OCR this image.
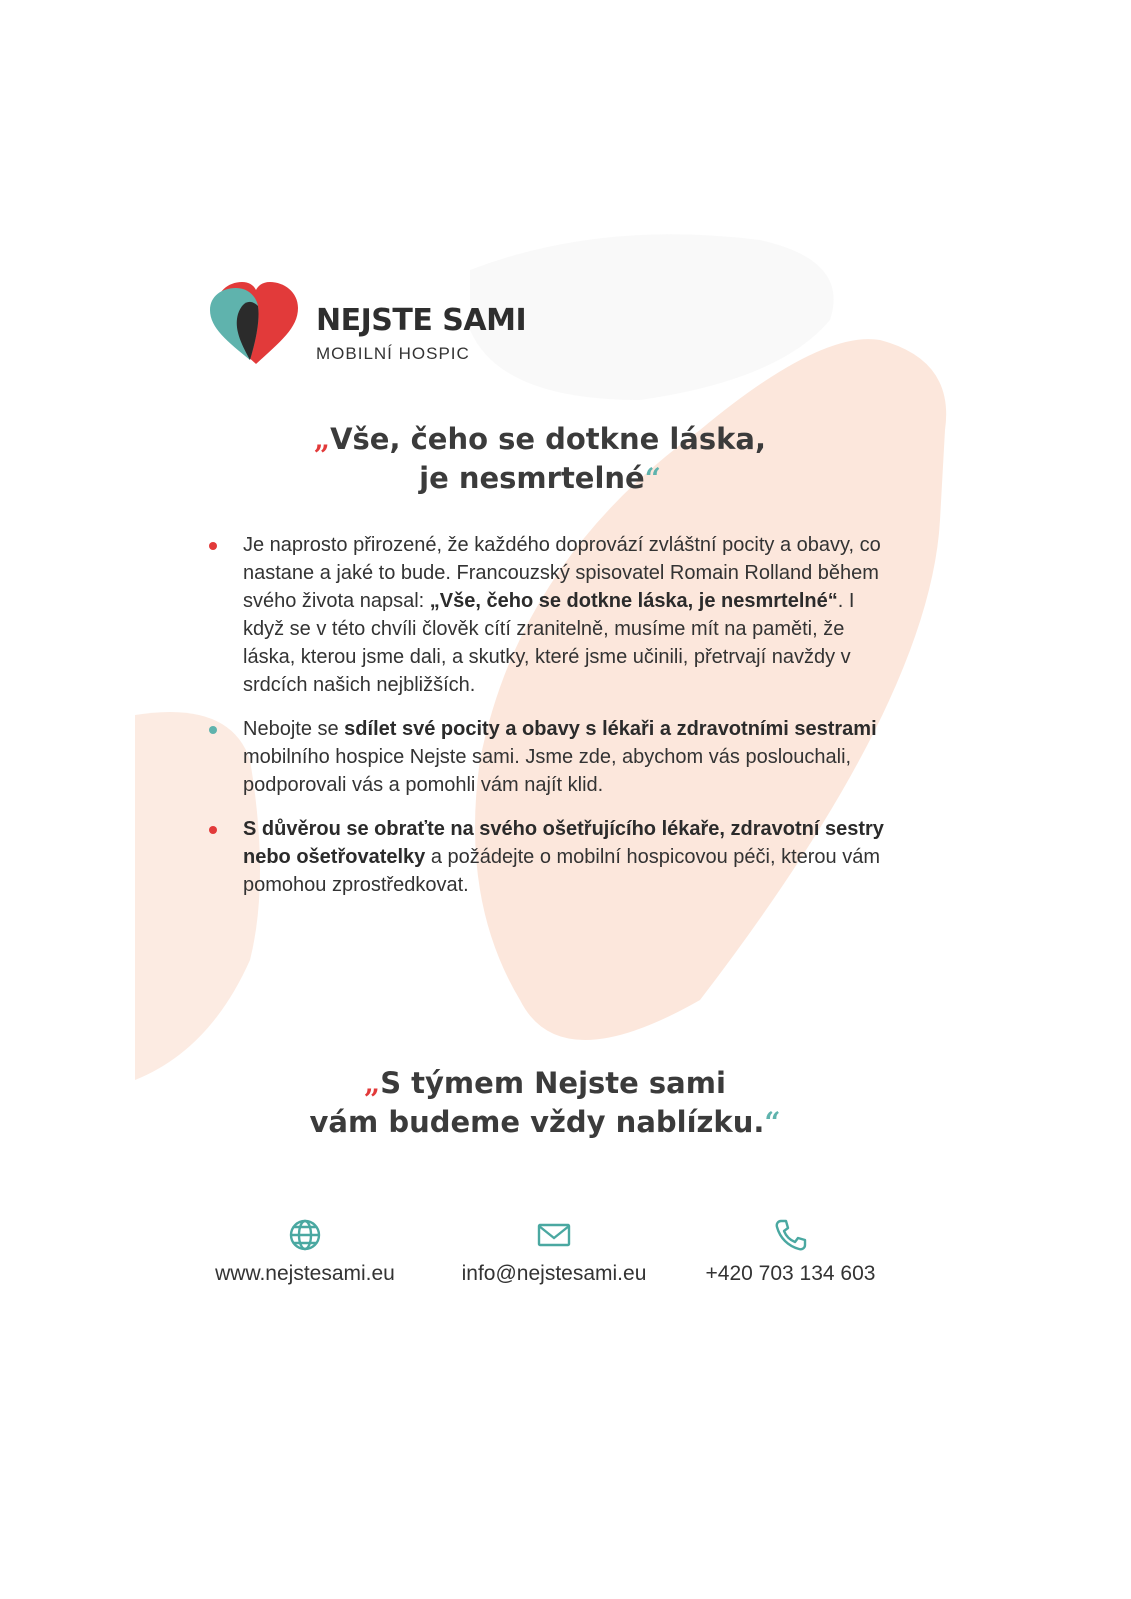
NEJSTE SAMI
MOBILNÍ HOSPIC
„Vše, čeho se dotkne láska,
je nesmrtelné“
Je naprosto přirozené, že každého doprovází zvláštní pocity a obavy, co nastane a jaké to bude. Francouzský spisovatel Romain Rolland během svého života napsal: „Vše, čeho se dotkne láska, je nesmrtelné“. I když se v této chvíli člověk cítí zranitelně, musíme mít na paměti, že láska, kterou jsme dali, a skutky, které jsme učinili, přetrvají navždy v srdcích našich nejbližších.
Nebojte se sdílet své pocity a obavy s lékaři a zdravotními sestrami mobilního hospice Nejste sami. Jsme zde, abychom vás poslouchali, podporovali vás a pomohli vám najít klid.
S důvěrou se obraťte na svého ošetřujícího lékaře, zdravotní sestry nebo ošetřovatelky a požádejte o mobilní hospicovou péči, kterou vám pomohou zprostředkovat.
„S týmem Nejste sami
vám budeme vždy nablízku.“
www.nejstesami.eu	info@nejstesami.eu	+420 703 134 603
